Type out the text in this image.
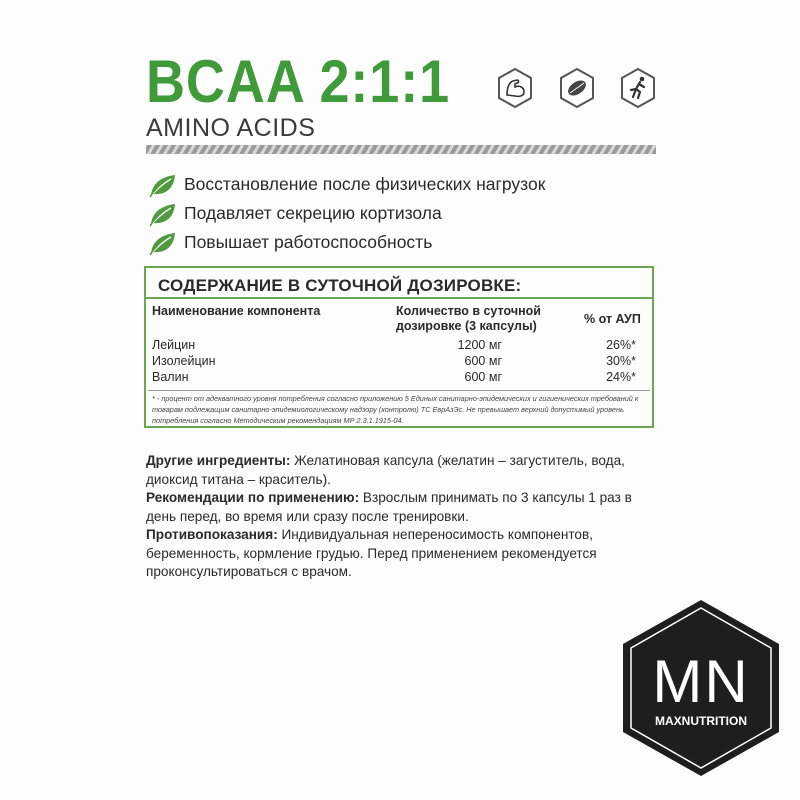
BCAA 2:1:1
AMINO ACIDS
Восстановление после физических нагрузок
Подавляет секрецию кортизола
Повышает работоспособность
СОДЕРЖАНИЕ В СУТОЧНОЙ ДОЗИРОВКЕ:
Наименование компонента	Количество в суточной дозировке (3 капсулы)	% от АУП
Лейцин	1200 мг	26%*
Изолейцин	600 мг	30%*
Валин	600 мг	24%*
* - процент от адекватного уровня потребления согласно приложению 5 Единых санитарно-эпидемических и гигиенических требований к товарам подлежащим санитарно-эпидемиологическому надзору (контролю) ТС ЕврАзЭс. Не превышает верхний допустимый уровень потребления согласно Методическим рекомендациям МР 2.3.1.1915-04.

Другие ингредиенты: Желатиновая капсула (желатин – загуститель, вода, диоксид титана – краситель).

Рекомендации по применению: Взрослым принимать по 3 капсулы 1 раз в день перед, во время или сразу после тренировки.

Противопоказания: Индивидуальная непереносимость компонентов, беременность, кормление грудью. Перед применением рекомендуется проконсультироваться с врачом.

MN
MAXNUTRITION
